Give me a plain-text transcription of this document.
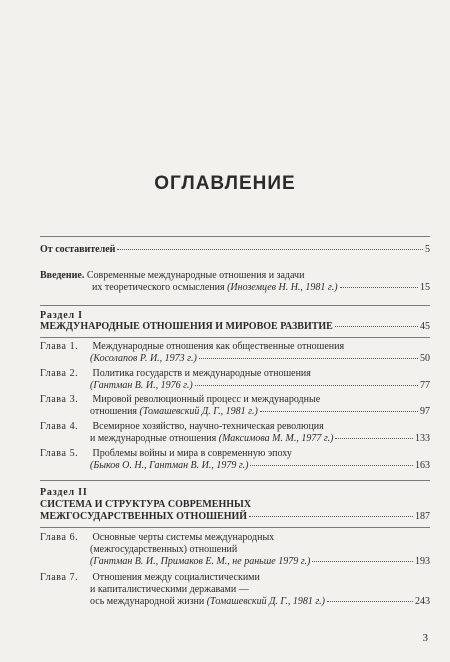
ОГЛАВЛЕНИЕ
От составителей	5
Введение. Современные международные отношения и задачи
их теоретического осмысления (Иноземцев Н. Н., 1981 г.)	15
Раздел I
МЕЖДУНАРОДНЫЕ ОТНОШЕНИЯ И МИРОВОЕ РАЗВИТИЕ	45
Глава 1. Международные отношения как общественные отношения
(Косолапов Р. И., 1973 г.)	50
Глава 2. Политика государств и международные отношения
(Гантман В. И., 1976 г.)	77
Глава 3. Мировой революционный процесс и международные
отношения (Томашевский Д. Г., 1981 г.)	97
Глава 4. Всемирное хозяйство, научно-техническая революция
и международные отношения (Максимова М. М., 1977 г.)	133
Глава 5. Проблемы войны и мира в современную эпоху
(Быков О. Н., Гантман В. И., 1979 г.)	163
Раздел II
СИСТЕМА И СТРУКТУРА СОВРЕМЕННЫХ
МЕЖГОСУДАРСТВЕННЫХ ОТНОШЕНИЙ	187
Глава 6. Основные черты системы международных
(межгосударственных) отношений
(Гантман В. И., Примаков Е. М., не раньше 1979 г.)	193
Глава 7. Отношения между социалистическими
и капиталистическими державами —
ось международной жизни (Томашевский Д. Г., 1981 г.)	243
3
